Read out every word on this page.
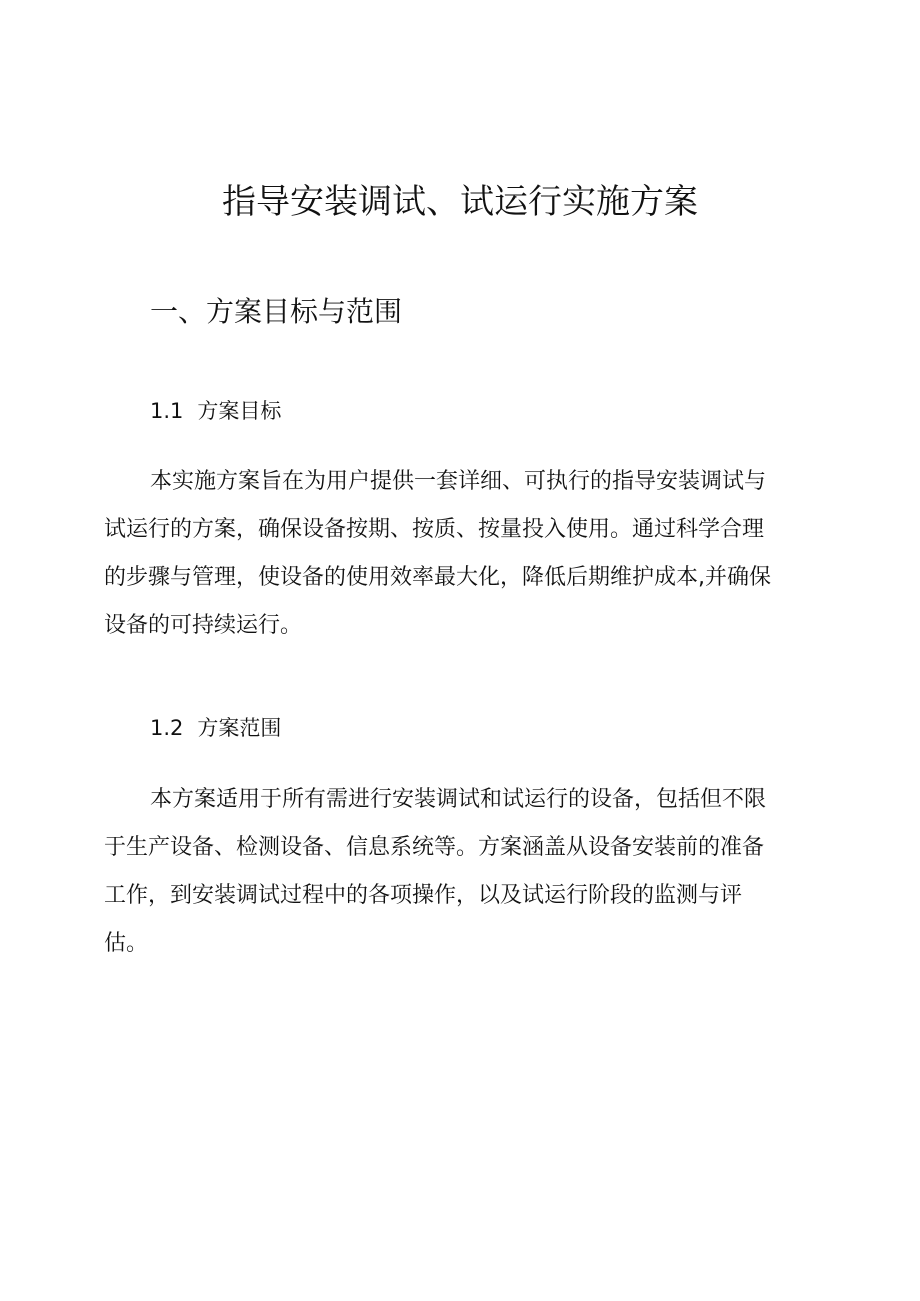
指导安装调试、试运行实施方案
一、方案目标与范围
1.1 方案目标

本实施方案旨在为用户提供一套详细、可执行的指导安装调试与
试运行的方案，确保设备按期、按质、按量投入使用。通过科学合理
的步骤与管理，使设备的使用效率最大化，降低后期维护成本,并确保
设备的可持续运行。

1.2 方案范围

本方案适用于所有需进行安装调试和试运行的设备，包括但不限
于生产设备、检测设备、信息系统等。方案涵盖从设备安装前的准备
工作，到安装调试过程中的各项操作，以及试运行阶段的监测与评
估。
